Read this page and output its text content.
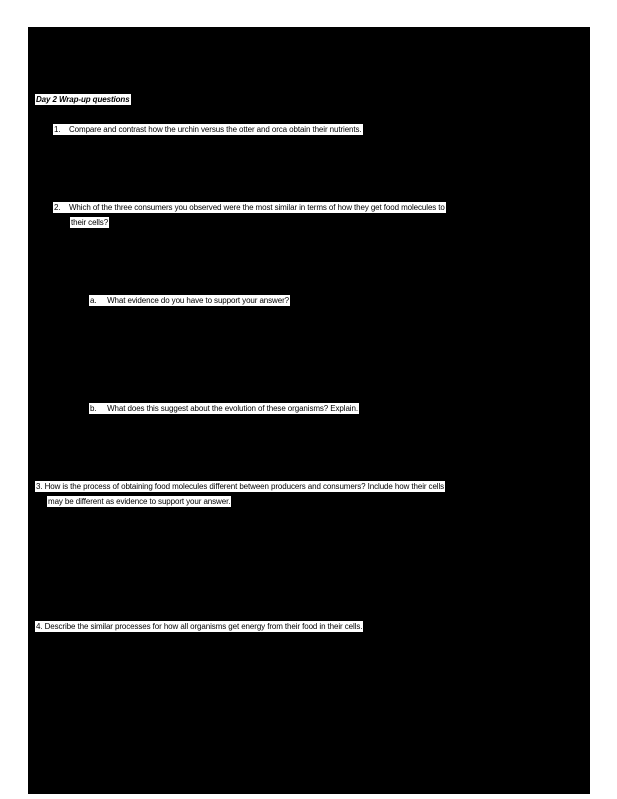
Day 2 Wrap-up questions
1. Compare and contrast how the urchin versus the otter and orca obtain their nutrients.
2. Which of the three consumers you observed were the most similar in terms of how they get food molecules to
their cells?
a. What evidence do you have to support your answer?
b. What does this suggest about the evolution of these organisms? Explain.
3. How is the process of obtaining food molecules different between producers and consumers? Include how their cells
may be different as evidence to support your answer.
4. Describe the similar processes for how all organisms get energy from their food in their cells.
